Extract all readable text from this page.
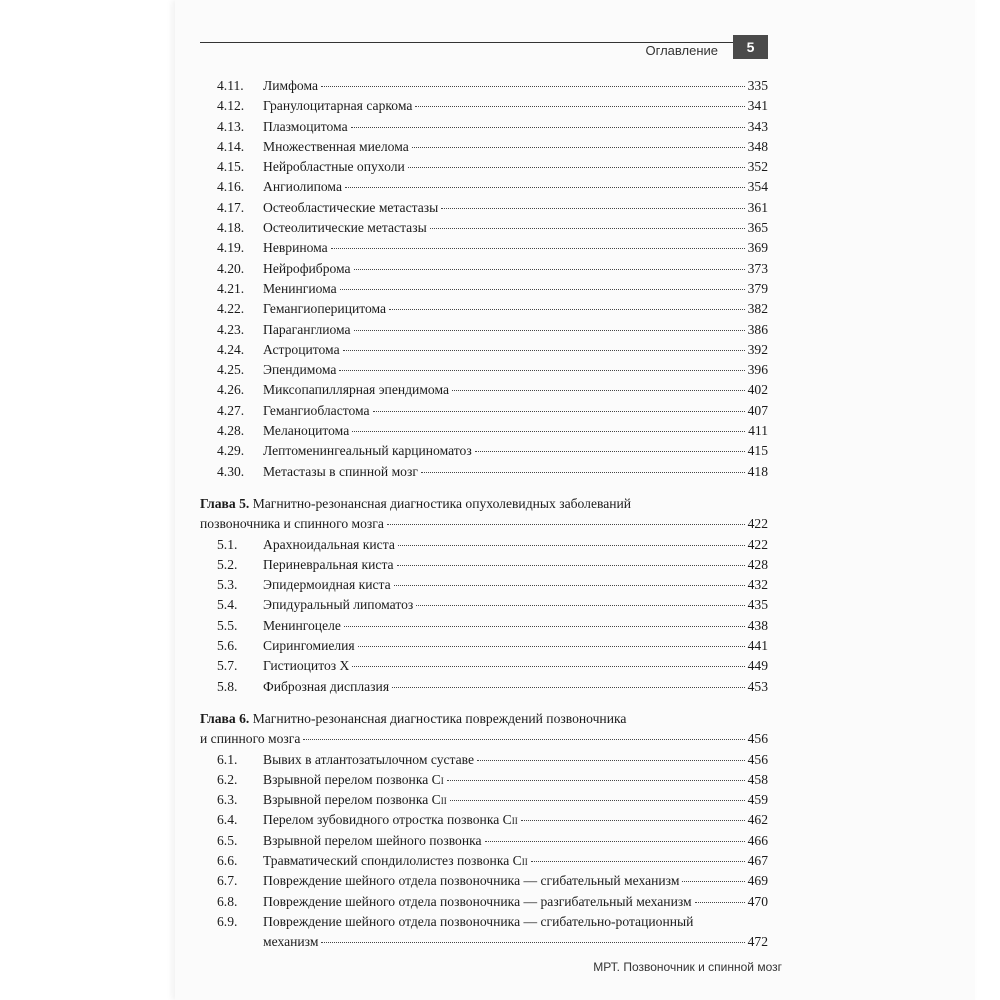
Оглавление	5
4.11.	Лимфома	335
4.12.	Гранулоцитарная саркома	341
4.13.	Плазмоцитома	343
4.14.	Множественная миелома	348
4.15.	Нейробластные опухоли	352
4.16.	Ангиолипома	354
4.17.	Остеобластические метастазы	361
4.18.	Остеолитические метастазы	365
4.19.	Невринома	369
4.20.	Нейрофиброма	373
4.21.	Менингиома	379
4.22.	Гемангиоперицитома	382
4.23.	Параганглиома	386
4.24.	Астроцитома	392
4.25.	Эпендимома	396
4.26.	Миксопапиллярная эпендимома	402
4.27.	Гемангиобластома	407
4.28.	Меланоцитома	411
4.29.	Лептоменингеальный карциноматоз	415
4.30.	Метастазы в спинной мозг	418
Глава 5. Магнитно-резонансная диагностика опухолевидных заболеваний
позвоночника и спинного мозга	422
5.1.	Арахноидальная киста	422
5.2.	Периневральная киста	428
5.3.	Эпидермоидная киста	432
5.4.	Эпидуральный липоматоз	435
5.5.	Менингоцеле	438
5.6.	Сирингомиелия	441
5.7.	Гистиоцитоз X	449
5.8.	Фиброзная дисплазия	453
Глава 6. Магнитно-резонансная диагностика повреждений позвоночника
и спинного мозга	456
6.1.	Вывих в атлантозатылочном суставе	456
6.2.	Взрывной перелом позвонка C I	458
6.3.	Взрывной перелом позвонка C II	459
6.4.	Перелом зубовидного отростка позвонка C II	462
6.5.	Взрывной перелом шейного позвонка	466
6.6.	Травматический спондилолистез позвонка C II	467
6.7.	Повреждение шейного отдела позвоночника — сгибательный механизм	469
6.8.	Повреждение шейного отдела позвоночника — разгибательный механизм	470
6.9.	Повреждение шейного отдела позвоночника — сгибательно-ротационный
механизм	472
МРТ. Позвоночник и спинной мозг
